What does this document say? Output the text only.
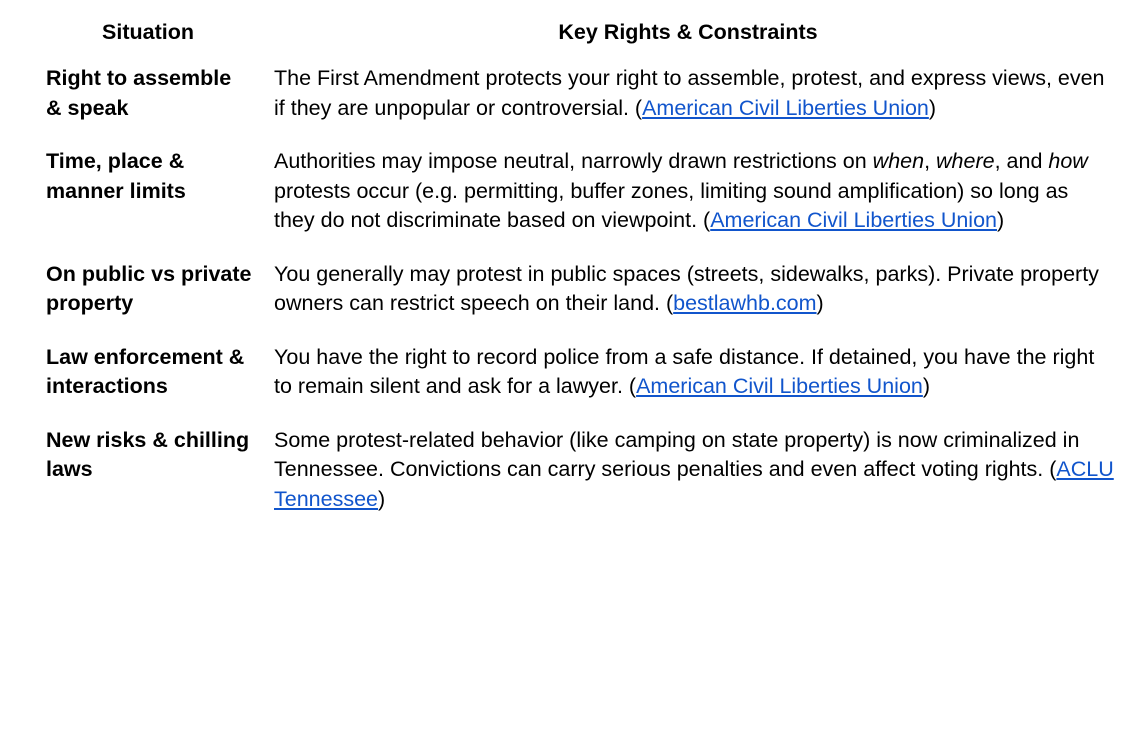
Situation	Key Rights & Constraints
Right to assemble & speak	The First Amendment protects your right to assemble, protest, and express views, even if they are unpopular or controversial. (American Civil Liberties Union)
Time, place & manner limits	Authorities may impose neutral, narrowly drawn restrictions on when, where, and how protests occur (e.g. permitting, buffer zones, limiting sound amplification) so long as they do not discriminate based on viewpoint. (American Civil Liberties Union)
On public vs private property	You generally may protest in public spaces (streets, sidewalks, parks). Private property owners can restrict speech on their land. (bestlawhb.com)
Law enforcement & interactions	You have the right to record police from a safe distance. If detained, you have the right to remain silent and ask for a lawyer. (American Civil Liberties Union)
New risks & chilling laws	Some protest-related behavior (like camping on state property) is now criminalized in Tennessee. Convictions can carry serious penalties and even affect voting rights. (ACLU Tennessee)
